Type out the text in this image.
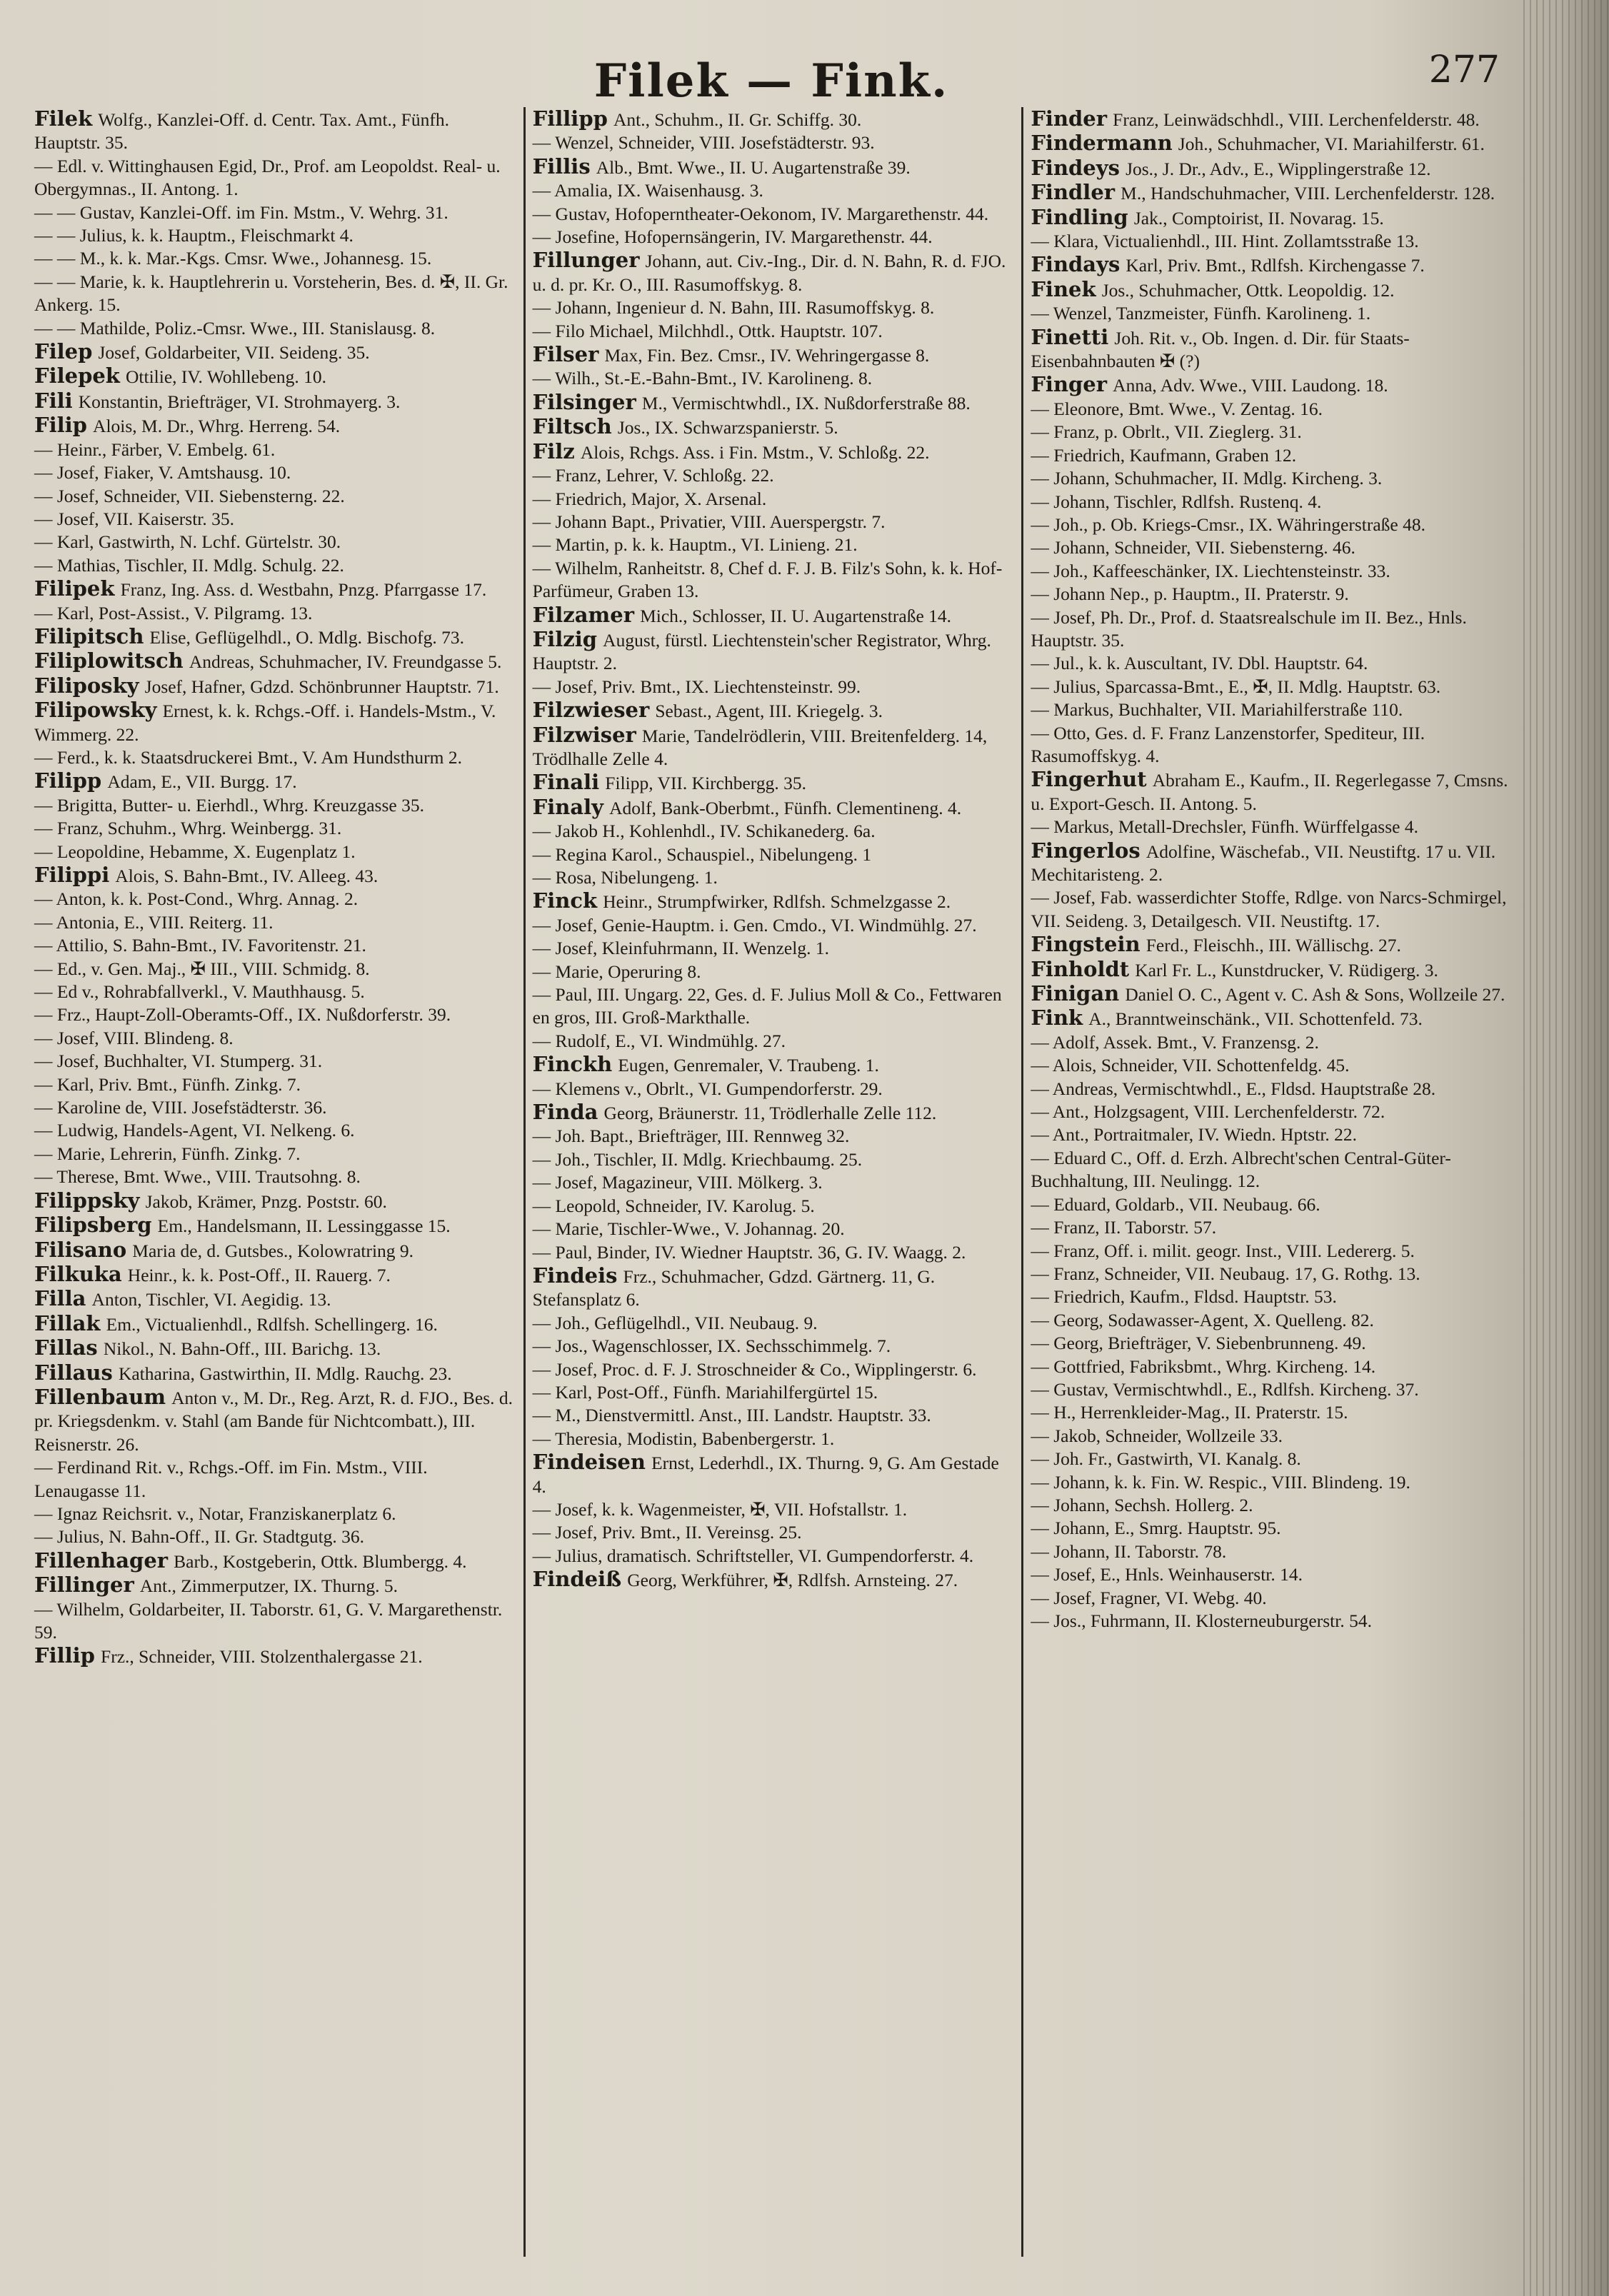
Filek — Fink.	277

Filek Wolfg., Kanzlei-Off. d. Centr. Tax. Amt., Fünfh. Hauptstr. 35.

— Edl. v. Wittinghausen Egid, Dr., Prof. am Leopoldst. Real- u. Obergymnas., II. Antong. 1.

— — Gustav, Kanzlei-Off. im Fin. Mstm., V. Wehrg. 31.

— — Julius, k. k. Hauptm., Fleischmarkt 4.

— — M., k. k. Mar.-Kgs. Cmsr. Wwe., Johannesg. 15.

— — Marie, k. k. Hauptlehrerin u. Vorsteherin, Bes. d. ✠, II. Gr. Ankerg. 15.

— — Mathilde, Poliz.-Cmsr. Wwe., III. Stanislausg. 8.

Filep Josef, Goldarbeiter, VII. Seideng. 35.

Filepek Ottilie, IV. Wohllebeng. 10.

Fili Konstantin, Briefträger, VI. Strohmayerg. 3.

Filip Alois, M. Dr., Whrg. Herreng. 54.

— Heinr., Färber, V. Embelg. 61.

— Josef, Fiaker, V. Amtshausg. 10.

— Josef, Schneider, VII. Siebensterng. 22.

— Josef, VII. Kaiserstr. 35.

— Karl, Gastwirth, N. Lchf. Gürtelstr. 30.

— Mathias, Tischler, II. Mdlg. Schulg. 22.

Filipek Franz, Ing. Ass. d. Westbahn, Pnzg. Pfarrgasse 17.

— Karl, Post-Assist., V. Pilgramg. 13.

Filipitsch Elise, Geflügelhdl., O. Mdlg. Bischofg. 73.

Filiplowitsch Andreas, Schuhmacher, IV. Freundgasse 5.

Filiposky Josef, Hafner, Gdzd. Schönbrunner Hauptstr. 71.

Filipowsky Ernest, k. k. Rchgs.-Off. i. Handels-Mstm., V. Wimmerg. 22.

— Ferd., k. k. Staatsdruckerei Bmt., V. Am Hundsthurm 2.

Filipp Adam, E., VII. Burgg. 17.

— Brigitta, Butter- u. Eierhdl., Whrg. Kreuzgasse 35.

— Franz, Schuhm., Whrg. Weinbergg. 31.

— Leopoldine, Hebamme, X. Eugenplatz 1.

Filippi Alois, S. Bahn-Bmt., IV. Alleeg. 43.

— Anton, k. k. Post-Cond., Whrg. Annag. 2.

— Antonia, E., VIII. Reiterg. 11.

— Attilio, S. Bahn-Bmt., IV. Favoritenstr. 21.

— Ed., v. Gen. Maj., ✠ III., VIII. Schmidg. 8.

— Ed v., Rohrabfallverkl., V. Mauthhausg. 5.

— Frz., Haupt-Zoll-Oberamts-Off., IX. Nußdorferstr. 39.

— Josef, VIII. Blindeng. 8.

— Josef, Buchhalter, VI. Stumperg. 31.

— Karl, Priv. Bmt., Fünfh. Zinkg. 7.

— Karoline de, VIII. Josefstädterstr. 36.

— Ludwig, Handels-Agent, VI. Nelkeng. 6.

— Marie, Lehrerin, Fünfh. Zinkg. 7.

— Therese, Bmt. Wwe., VIII. Trautsohng. 8.

Filippsky Jakob, Krämer, Pnzg. Poststr. 60.

Filipsberg Em., Handelsmann, II. Lessinggasse 15.

Filisano Maria de, d. Gutsbes., Kolowratring 9.

Filkuka Heinr., k. k. Post-Off., II. Rauerg. 7.

Filla Anton, Tischler, VI. Aegidig. 13.

Fillak Em., Victualienhdl., Rdlfsh. Schellingerg. 16.

Fillas Nikol., N. Bahn-Off., III. Barichg. 13.

Fillaus Katharina, Gastwirthin, II. Mdlg. Rauchg. 23.

Fillenbaum Anton v., M. Dr., Reg. Arzt, R. d. FJO., Bes. d. pr. Kriegsdenkm. v. Stahl (am Bande für Nichtcombatt.), III. Reisnerstr. 26.

— Ferdinand Rit. v., Rchgs.-Off. im Fin. Mstm., VIII. Lenaugasse 11.

— Ignaz Reichsrit. v., Notar, Franziskanerplatz 6.

— Julius, N. Bahn-Off., II. Gr. Stadtgutg. 36.

Fillenhager Barb., Kostgeberin, Ottk. Blumbergg. 4.

Fillinger Ant., Zimmerputzer, IX. Thurng. 5.

— Wilhelm, Goldarbeiter, II. Taborstr. 61, G. V. Margarethenstr. 59.

Fillip Frz., Schneider, VIII. Stolzenthalergasse 21.

Fillipp Ant., Schuhm., II. Gr. Schiffg. 30.

— Wenzel, Schneider, VIII. Josefstädterstr. 93.

Fillis Alb., Bmt. Wwe., II. U. Augartenstraße 39.

— Amalia, IX. Waisenhausg. 3.

— Gustav, Hofoperntheater-Oekonom, IV. Margarethenstr. 44.

— Josefine, Hofopernsängerin, IV. Margarethenstr. 44.

Fillunger Johann, aut. Civ.-Ing., Dir. d. N. Bahn, R. d. FJO. u. d. pr. Kr. O., III. Rasumoffskyg. 8.

— Johann, Ingenieur d. N. Bahn, III. Rasumoffskyg. 8.

— Filo Michael, Milchhdl., Ottk. Hauptstr. 107.

Filser Max, Fin. Bez. Cmsr., IV. Wehringergasse 8.

— Wilh., St.-E.-Bahn-Bmt., IV. Karolineng. 8.

Filsinger M., Vermischtwhdl., IX. Nußdorferstraße 88.

Filtsch Jos., IX. Schwarzspanierstr. 5.

Filz Alois, Rchgs. Ass. i Fin. Mstm., V. Schloßg. 22.

— Franz, Lehrer, V. Schloßg. 22.

— Friedrich, Major, X. Arsenal.

— Johann Bapt., Privatier, VIII. Auerspergstr. 7.

— Martin, p. k. k. Hauptm., VI. Linieng. 21.

— Wilhelm, Ranheitstr. 8, Chef d. F. J. B. Filz's Sohn, k. k. Hof-Parfümeur, Graben 13.

Filzamer Mich., Schlosser, II. U. Augartenstraße 14.

Filzig August, fürstl. Liechtenstein'scher Registrator, Whrg. Hauptstr. 2.

— Josef, Priv. Bmt., IX. Liechtensteinstr. 99.

Filzwieser Sebast., Agent, III. Kriegelg. 3.

Filzwiser Marie, Tandelrödlerin, VIII. Breitenfelderg. 14, Trödlhalle Zelle 4.

Finali Filipp, VII. Kirchbergg. 35.

Finaly Adolf, Bank-Oberbmt., Fünfh. Clementineng. 4.

— Jakob H., Kohlenhdl., IV. Schikanederg. 6a.

— Regina Karol., Schauspiel., Nibelungeng. 1

— Rosa, Nibelungeng. 1.

Finck Heinr., Strumpfwirker, Rdlfsh. Schmelzgasse 2.

— Josef, Genie-Hauptm. i. Gen. Cmdo., VI. Windmühlg. 27.

— Josef, Kleinfuhrmann, II. Wenzelg. 1.

— Marie, Operuring 8.

— Paul, III. Ungarg. 22, Ges. d. F. Julius Moll & Co., Fettwaren en gros, III. Groß-Markthalle.

— Rudolf, E., VI. Windmühlg. 27.

Finckh Eugen, Genremaler, V. Traubeng. 1.

— Klemens v., Obrlt., VI. Gumpendorferstr. 29.

Finda Georg, Bräunerstr. 11, Trödlerhalle Zelle 112.

— Joh. Bapt., Briefträger, III. Rennweg 32.

— Joh., Tischler, II. Mdlg. Kriechbaumg. 25.

— Josef, Magazineur, VIII. Mölkerg. 3.

— Leopold, Schneider, IV. Karolug. 5.

— Marie, Tischler-Wwe., V. Johannag. 20.

— Paul, Binder, IV. Wiedner Hauptstr. 36, G. IV. Waagg. 2.

Findeis Frz., Schuhmacher, Gdzd. Gärtnerg. 11, G. Stefansplatz 6.

— Joh., Geflügelhdl., VII. Neubaug. 9.

— Jos., Wagenschlosser, IX. Sechsschimmelg. 7.

— Josef, Proc. d. F. J. Stroschneider & Co., Wipplingerstr. 6.

— Karl, Post-Off., Fünfh. Mariahilfergürtel 15.

— M., Dienstvermittl. Anst., III. Landstr. Hauptstr. 33.

— Theresia, Modistin, Babenbergerstr. 1.

Findeisen Ernst, Lederhdl., IX. Thurng. 9, G. Am Gestade 4.

— Josef, k. k. Wagenmeister, ✠, VII. Hofstallstr. 1.

— Josef, Priv. Bmt., II. Vereinsg. 25.

— Julius, dramatisch. Schriftsteller, VI. Gumpendorferstr. 4.

Findeiß Georg, Werkführer, ✠, Rdlfsh. Arnsteing. 27.

Finder Franz, Leinwädschhdl., VIII. Lerchenfelderstr. 48.

Findermann Joh., Schuhmacher, VI. Mariahilferstr. 61.

Findeys Jos., J. Dr., Adv., E., Wipplingerstraße 12.

Findler M., Handschuhmacher, VIII. Lerchenfelderstr. 128.

Findling Jak., Comptoirist, II. Novarag. 15.

— Klara, Victualienhdl., III. Hint. Zollamtsstraße 13.

Findays Karl, Priv. Bmt., Rdlfsh. Kirchengasse 7.

Finek Jos., Schuhmacher, Ottk. Leopoldig. 12.

— Wenzel, Tanzmeister, Fünfh. Karolineng. 1.

Finetti Joh. Rit. v., Ob. Ingen. d. Dir. für Staats-Eisenbahnbauten ✠ (?)

Finger Anna, Adv. Wwe., VIII. Laudong. 18.

— Eleonore, Bmt. Wwe., V. Zentag. 16.

— Franz, p. Obrlt., VII. Zieglerg. 31.

— Friedrich, Kaufmann, Graben 12.

— Johann, Schuhmacher, II. Mdlg. Kircheng. 3.

— Johann, Tischler, Rdlfsh. Rustenq. 4.

— Joh., p. Ob. Kriegs-Cmsr., IX. Währingerstraße 48.

— Johann, Schneider, VII. Siebensterng. 46.

— Joh., Kaffeeschänker, IX. Liechtensteinstr. 33.

— Johann Nep., p. Hauptm., II. Praterstr. 9.

— Josef, Ph. Dr., Prof. d. Staatsrealschule im II. Bez., Hnls. Hauptstr. 35.

— Jul., k. k. Auscultant, IV. Dbl. Hauptstr. 64.

— Julius, Sparcassa-Bmt., E., ✠, II. Mdlg. Hauptstr. 63.

— Markus, Buchhalter, VII. Mariahilferstraße 110.

— Otto, Ges. d. F. Franz Lanzenstorfer, Spediteur, III. Rasumoffskyg. 4.

Fingerhut Abraham E., Kaufm., II. Regerlegasse 7, Cmsns. u. Export-Gesch. II. Antong. 5.

— Markus, Metall-Drechsler, Fünfh. Würffelgasse 4.

Fingerlos Adolfine, Wäschefab., VII. Neustiftg. 17 u. VII. Mechitaristeng. 2.

— Josef, Fab. wasserdichter Stoffe, Rdlge. von Narcs-Schmirgel, VII. Seideng. 3, Detailgesch. VII. Neustiftg. 17.

Fingstein Ferd., Fleischh., III. Wällischg. 27.

Finholdt Karl Fr. L., Kunstdrucker, V. Rüdigerg. 3.

Finigan Daniel O. C., Agent v. C. Ash & Sons, Wollzeile 27.

Fink A., Branntweinschänk., VII. Schottenfeld. 73.

— Adolf, Assek. Bmt., V. Franzensg. 2.

— Alois, Schneider, VII. Schottenfeldg. 45.

— Andreas, Vermischtwhdl., E., Fldsd. Hauptstraße 28.

— Ant., Holzgsagent, VIII. Lerchenfelderstr. 72.

— Ant., Portraitmaler, IV. Wiedn. Hptstr. 22.

— Eduard C., Off. d. Erzh. Albrecht'schen Central-Güter-Buchhaltung, III. Neulingg. 12.

— Eduard, Goldarb., VII. Neubaug. 66.

— Franz, II. Taborstr. 57.

— Franz, Off. i. milit. geogr. Inst., VIII. Ledererg. 5.

— Franz, Schneider, VII. Neubaug. 17, G. Rothg. 13.

— Friedrich, Kaufm., Fldsd. Hauptstr. 53.

— Georg, Sodawasser-Agent, X. Quelleng. 82.

— Georg, Briefträger, V. Siebenbrunneng. 49.

— Gottfried, Fabriksbmt., Whrg. Kircheng. 14.

— Gustav, Vermischtwhdl., E., Rdlfsh. Kircheng. 37.

— H., Herrenkleider-Mag., II. Praterstr. 15.

— Jakob, Schneider, Wollzeile 33.

— Joh. Fr., Gastwirth, VI. Kanalg. 8.

— Johann, k. k. Fin. W. Respic., VIII. Blindeng. 19.

— Johann, Sechsh. Hollerg. 2.

— Johann, E., Smrg. Hauptstr. 95.

— Johann, II. Taborstr. 78.

— Josef, E., Hnls. Weinhauserstr. 14.

— Josef, Fragner, VI. Webg. 40.

— Jos., Fuhrmann, II. Klosterneuburgerstr. 54.
